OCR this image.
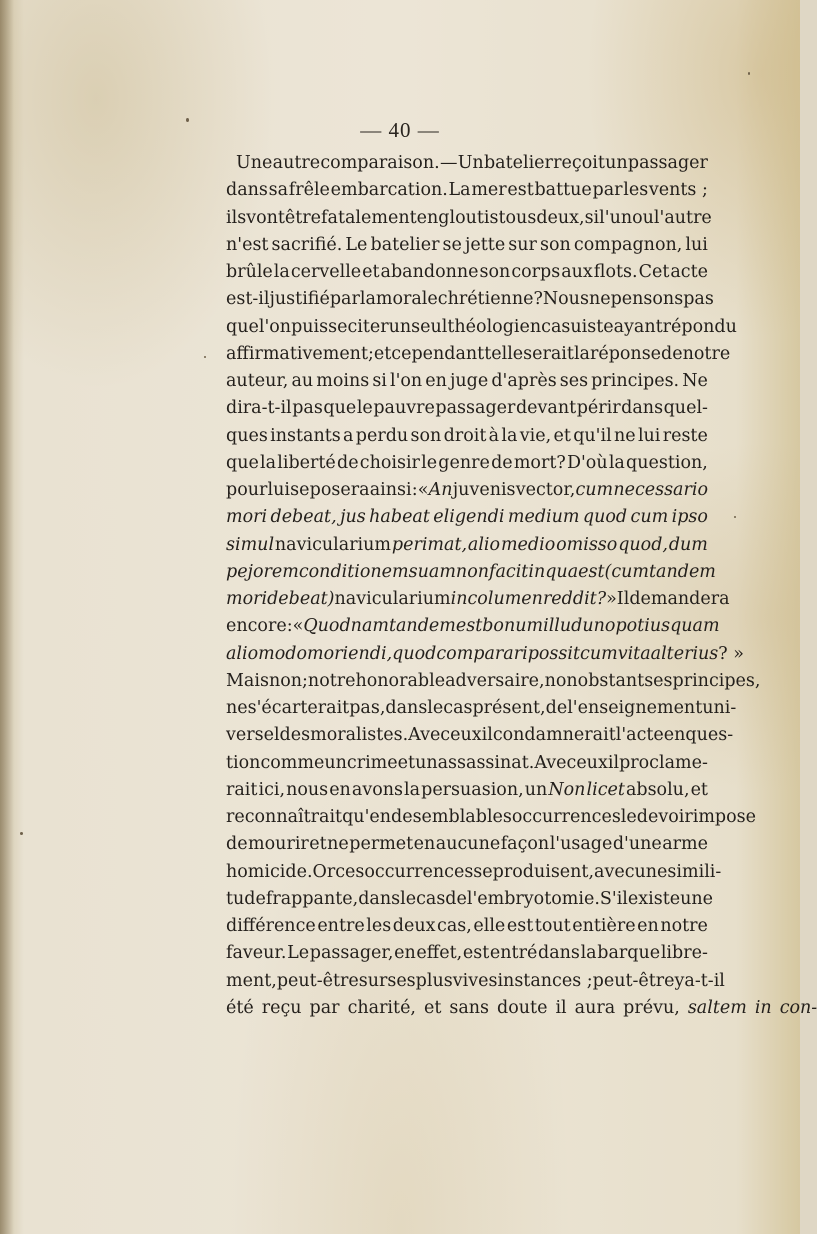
— 40 —
Une autre comparaison. — Un batelier reçoit un passager
dans sa frêle embarcation. La mer est battue par les vents ;
ils vont être fatalement engloutis tous deux, si l'un ou l'autre
n'est sacrifié. Le batelier se jette sur son compagnon, lui
brûle la cervelle et abandonne son corps aux flots. Cet acte
est-il justifié par la morale chrétienne? Nous ne pensons pas
que l'on puisse citer un seul théologien casuiste ayant répondu
affirmativement; et cependant telle serait la réponse de notre
auteur, au moins si l'on en juge d'après ses principes. Ne
dira-t-il pas que le pauvre passager devant périr dans quel-
ques instants a perdu son droit à la vie, et qu'il ne lui reste
que la liberté de choisir le genre de mort? D'où la question,
pour lui se posera ainsi : « An juvenis vector, cum necessario
mori debeat, jus habeat eligendi medium quod cum ipso
simul navicularium perimat, alio medio omisso quod, dum
pejorem conditionem suam non facit in qua est (cum tandem
mori debeat) navicularium incolumen reddit? » Il demandera
encore : « Quodnam tandem est bonum illud uno potius quam
alio modo moriendi, quod comparari possit cum vita alterius ? »
Mais non; notre honorable adversaire, nonobstant ses principes,
ne s'écarterait pas, dans le cas présent, de l'enseignement uni-
versel des moralistes. Avec eux il condamnerait l'acte en ques-
tion comme un crime et un assassinat. Avec eux il proclame-
rait ici, nous en avons la persuasion, un Non licet absolu, et
reconnaîtrait qu'en de semblables occurrences le devoir impose
de mourir et ne permet en aucune façon l'usage d'une arme
homicide. Or ces occurrences se produisent, avec une simili-
tude frappante, dans le cas de l'embryotomie. S'il existe une
différence entre les deux cas, elle est tout entière en notre
faveur. Le passager, en effet, est entré dans la barque libre-
ment, peut-être sur ses plus vives instances ; peut-être y a-t-il
été reçu par charité, et sans doute il aura prévu, saltem in con-
